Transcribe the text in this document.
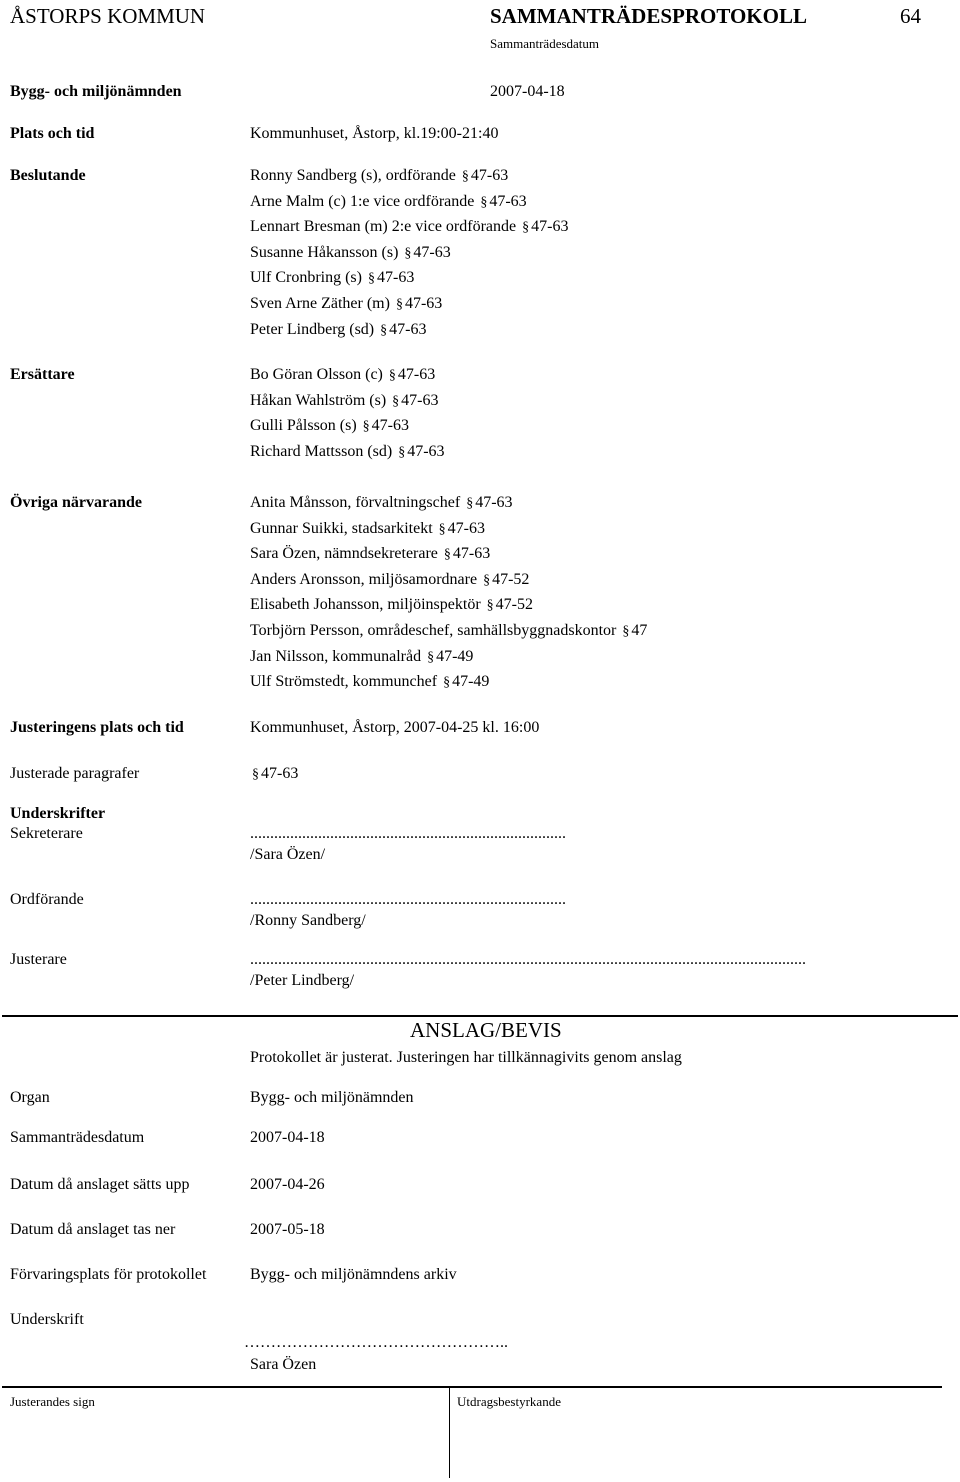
ÅSTORPS KOMMUN	SAMMANTRÄDESPROTOKOLL	64
Sammanträdesdatum
Bygg- och miljönämnden	2007-04-18
Plats och tid	Kommunhuset, Åstorp, kl.19:00-21:40
Beslutande	Ronny Sandberg (s), ordförande § 47-63
Arne Malm (c) 1:e vice ordförande § 47-63
Lennart Bresman (m) 2:e vice ordförande § 47-63
Susanne Håkansson (s) § 47-63
Ulf Cronbring (s) § 47-63
Sven Arne Zäther (m) § 47-63
Peter Lindberg (sd) § 47-63
Ersättare	Bo Göran Olsson (c) § 47-63
Håkan Wahlström (s) § 47-63
Gulli Pålsson (s) § 47-63
Richard Mattsson (sd) § 47-63
Övriga närvarande	Anita Månsson, förvaltningschef § 47-63
Gunnar Suikki, stadsarkitekt § 47-63
Sara Özen, nämndsekreterare § 47-63
Anders Aronsson, miljösamordnare § 47-52
Elisabeth Johansson, miljöinspektör § 47-52
Torbjörn Persson, områdeschef, samhällsbyggnadskontor § 47
Jan Nilsson, kommunalråd § 47-49
Ulf Strömstedt, kommunchef § 47-49
Justeringens plats och tid	Kommunhuset, Åstorp, 2007-04-25 kl. 16:00
Justerade paragrafer	§ 47-63
Underskrifter
Sekreterare	...............................................................................
/Sara Özen/
Ordförande	...............................................................................
/Ronny Sandberg/
Justerare	...........................................................................................................................................
/Peter Lindberg/
ANSLAG/BEVIS
Protokollet är justerat. Justeringen har tillkännagivits genom anslag
Organ	Bygg- och miljönämnden
Sammanträdesdatum	2007-04-18
Datum då anslaget sätts upp	2007-04-26
Datum då anslaget tas ner	2007-05-18
Förvaringsplats för protokollet	Bygg- och miljönämndens arkiv
Underskrift
…………………………………………..
Sara Özen
Justerandes sign	Utdragsbestyrkande
